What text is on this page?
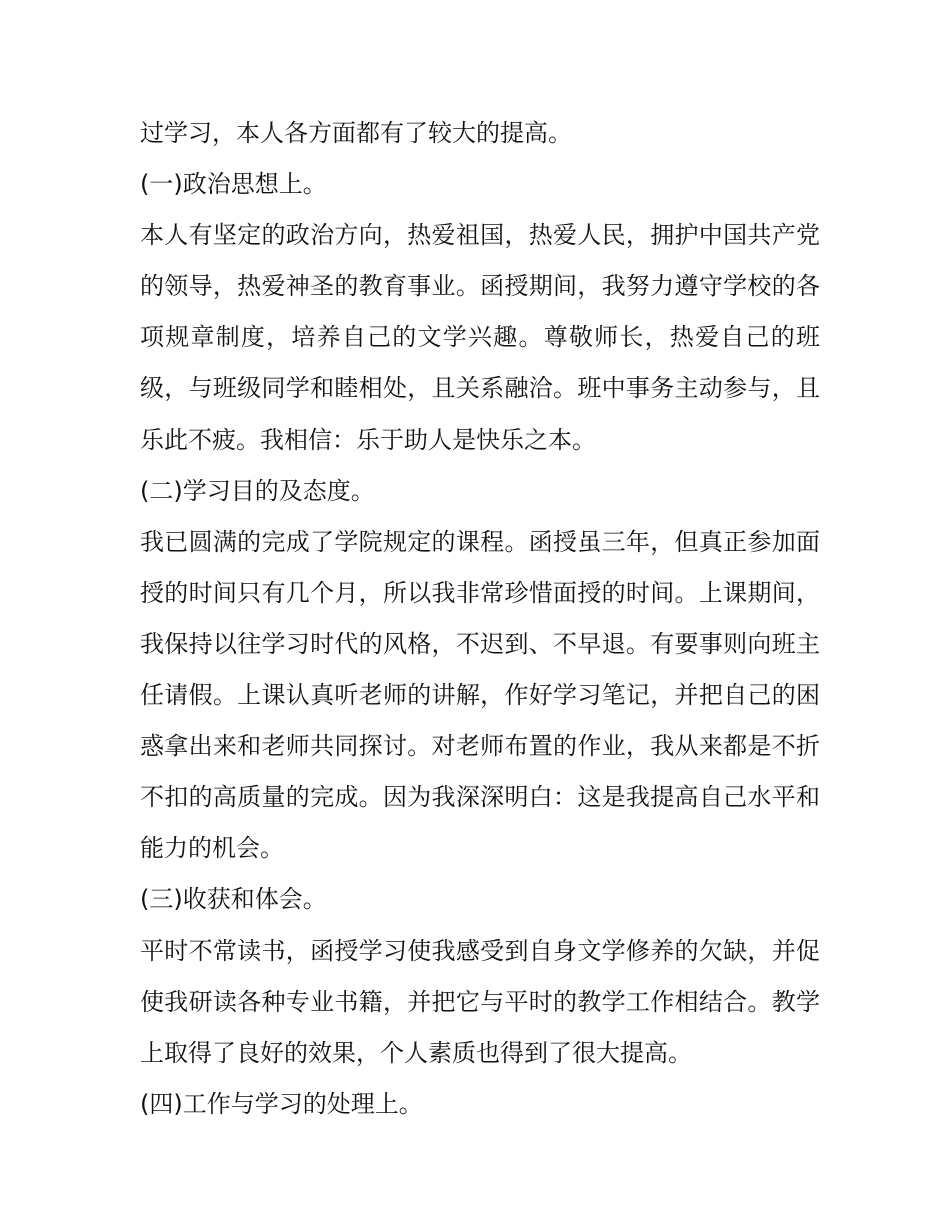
过学习，本人各方面都有了较大的提高。

(一)政治思想上。

本人有坚定的政治方向，热爱祖国，热爱人民，拥护中国共产党的领导，热爱神圣的教育事业。函授期间，我努力遵守学校的各项规章制度，培养自己的文学兴趣。尊敬师长，热爱自己的班级，与班级同学和睦相处，且关系融洽。班中事务主动参与，且乐此不疲。我相信：乐于助人是快乐之本。

(二)学习目的及态度。

我已圆满的完成了学院规定的课程。函授虽三年，但真正参加面授的时间只有几个月，所以我非常珍惜面授的时间。上课期间，我保持以往学习时代的风格，不迟到、不早退。有要事则向班主任请假。上课认真听老师的讲解，作好学习笔记，并把自己的困惑拿出来和老师共同探讨。对老师布置的作业，我从来都是不折不扣的高质量的完成。因为我深深明白：这是我提高自己水平和能力的机会。

(三)收获和体会。

平时不常读书，函授学习使我感受到自身文学修养的欠缺，并促使我研读各种专业书籍，并把它与平时的教学工作相结合。教学上取得了良好的效果，个人素质也得到了很大提高。

(四)工作与学习的处理上。
